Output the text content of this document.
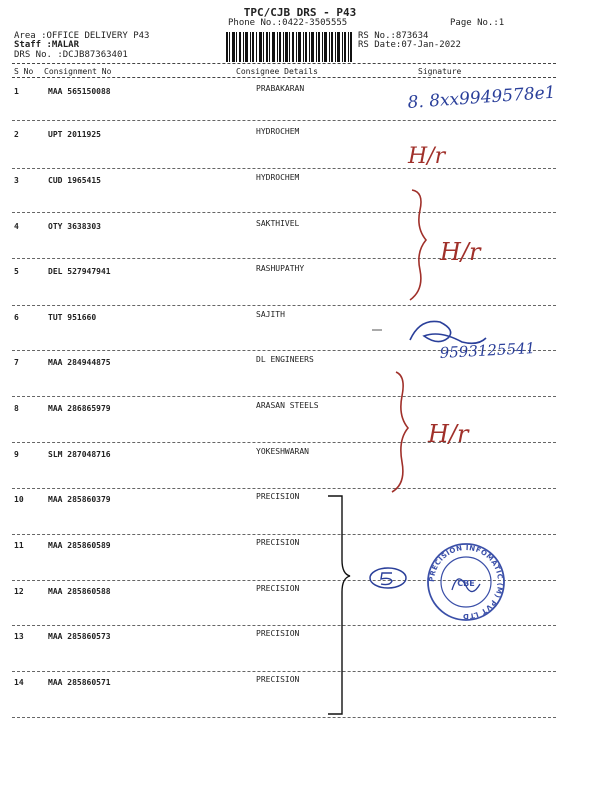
TPC/CJB DRS - P43
Phone No.:0422-3505555	Page No.:1
Area :OFFICE DELIVERY P43
Staff :MALAR
DRS No. :DCJB87363401
RS No.:873634
RS Date:07-Jan-2022
S No Consignment No	Consignee Details	Signature
1	MAA 565150088	PRABAKARAN
2	UPT 2011925	HYDROCHEM
3	CUD 1965415	HYDROCHEM
4	OTY 3638303	SAKTHIVEL
5	DEL 527947941	RASHUPATHY
6	TUT 951660	SAJITH
7	MAA 284944875	DL ENGINEERS
8	MAA 286865979	ARASAN STEELS
9	SLM 287048716	YOKESHWARAN
10	MAA 285860379	PRECISION
11	MAA 285860589	PRECISION
12	MAA 285860588	PRECISION
13	MAA 285860573	PRECISION
14	MAA 285860571	PRECISION
8. 8xx9949578e1
H/r
H/r
9593125541
H/r
PRECISION INFOMATIC (M) PVT LTD
CBE
